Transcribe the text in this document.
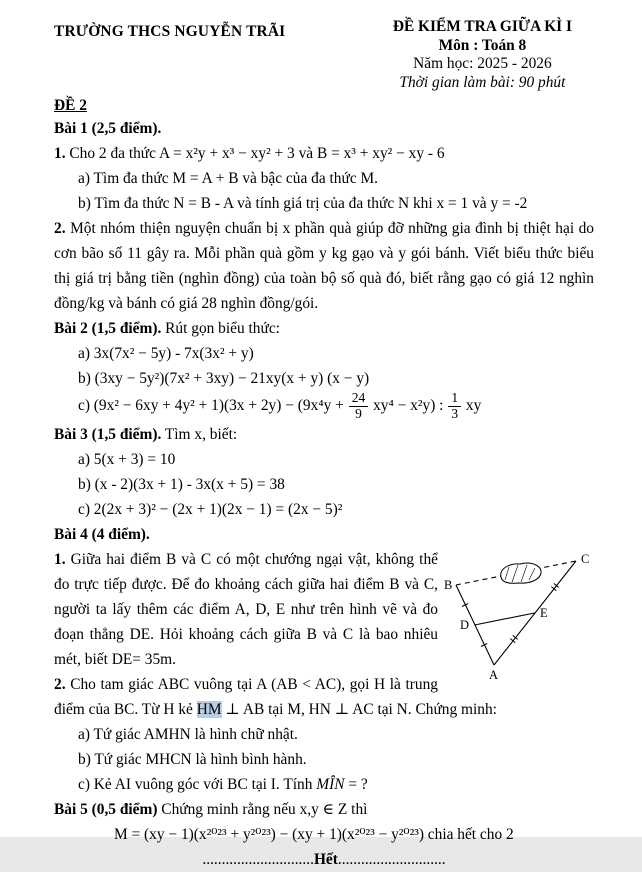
TRƯỜNG THCS NGUYỄN TRÃI	ĐỀ KIỂM TRA GIỮA KÌ I
Môn : Toán 8
Năm học: 2025 - 2026
Thời gian làm bài: 90 phút
ĐỀ 2

Bài 1 (2,5 điểm).

1. Cho 2 đa thức A = x²y + x³ − xy² + 3 và B = x³ + xy² − xy - 6

a) Tìm đa thức M = A + B và bậc của đa thức M.

b) Tìm đa thức N = B - A và tính giá trị của đa thức N khi x = 1 và y = -2

2. Một nhóm thiện nguyện chuẩn bị x phần quà giúp đỡ những gia đình bị thiệt hại do cơn bão số 11 gây ra. Mỗi phần quà gồm y kg gạo và y gói bánh. Viết biểu thức biểu thị giá trị bằng tiền (nghìn đồng) của toàn bộ số quà đó, biết rằng gạo có giá 12 nghìn đồng/kg và bánh có giá 28 nghìn đồng/gói.

Bài 2 (1,5 điểm). Rút gọn biểu thức:

a) 3x(7x² − 5y) - 7x(3x² + y)

b) (3xy − 5y²)(7x² + 3xy) − 21xy(x + y) (x − y)

c) $(9x^2 - 6xy + 4y^2 + 1)(3x + 2y) - (9x^4y + \frac{24}{9} xy^4 - x^2y)$ : $\frac{1}{3}$ xy

Bài 3 (1,5 điểm). Tìm x, biết:

a) 5(x + 3) = 10

b) (x - 2)(3x + 1) - 3x(x + 5) = 38

c) 2(2x + 3)² − (2x + 1)(2x − 1) = (2x − 5)²

Bài 4 (4 điểm).

B
C
D
E
A

1. Giữa hai điểm B và C có một chướng ngại vật, không thể đo trực tiếp được. Để đo khoảng cách giữa hai điểm B và C, người ta lấy thêm các điểm A, D, E như trên hình vẽ và đo đoạn thẳng DE. Hỏi khoảng cách giữa B và C là bao nhiêu mét, biết DE= 35m.

2. Cho tam giác ABC vuông tại A (AB < AC), gọi H là trung điểm của BC. Từ H kẻ HM ⊥ AB tại M, HN ⊥ AC tại N. Chứng minh:

a) Tứ giác AMHN là hình chữ nhật.

b) Tứ giác MHCN là hình bình hành.

c) Kẻ AI vuông góc với BC tại I. Tính MÎN = ?

Bài 5 (0,5 điểm) Chứng minh rằng nếu x,y ∈ Z thì

M = (xy − 1)(x²⁰²³ + y²⁰²³) − (xy + 1)(x²⁰²³ − y²⁰²³) chia hết cho 2

.............................Hết............................
